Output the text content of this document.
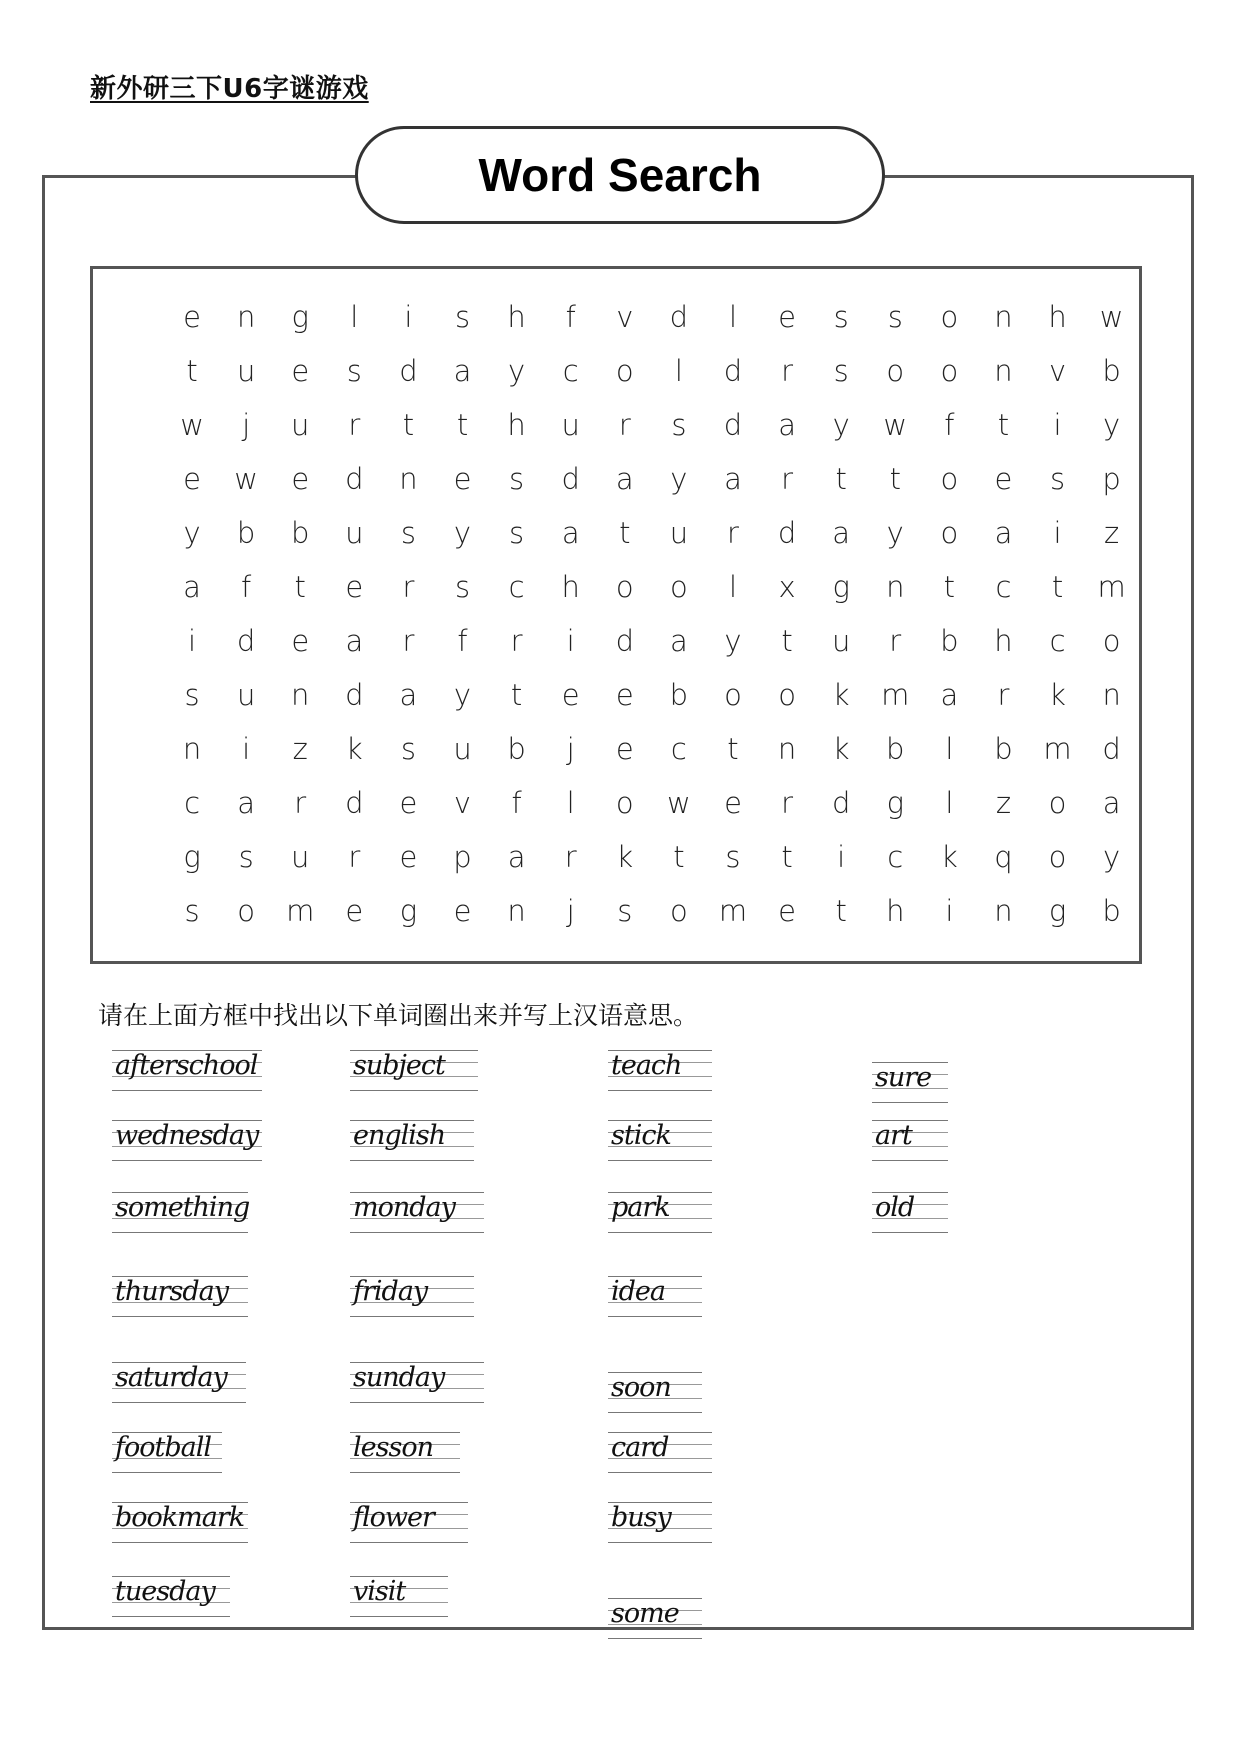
新外研三下U6字谜游戏
Word Search
e	n	g	l	i	s	h	f	v	d	l	e	s	s	o	n	h	w
t	u	e	s	d	a	y	c	o	l	d	r	s	o	o	n	v	b
w	j	u	r	t	t	h	u	r	s	d	a	y	w	f	t	i	y
e	w	e	d	n	e	s	d	a	y	a	r	t	t	o	e	s	p
y	b	b	u	s	y	s	a	t	u	r	d	a	y	o	a	i	z
a	f	t	e	r	s	c	h	o	o	l	x	g	n	t	c	t	m
i	d	e	a	r	f	r	i	d	a	y	t	u	r	b	h	c	o
s	u	n	d	a	y	t	e	e	b	o	o	k	m	a	r	k	n
n	i	z	k	s	u	b	j	e	c	t	n	k	b	l	b	m	d
c	a	r	d	e	v	f	l	o	w	e	r	d	g	l	z	o	a
g	s	u	r	e	p	a	r	k	t	s	t	i	c	k	q	o	y
s	o	m	e	g	e	n	j	s	o	m	e	t	h	i	n	g	b
请在上面方框中找出以下单词圈出来并写上汉语意思。
afterschool
wednesday
something
thursday
saturday
football
bookmark
tuesday
subject
english
monday
friday
sunday
lesson
flower
visit
teach
stick
park
idea
soon
card
busy
some
sure
art
old
